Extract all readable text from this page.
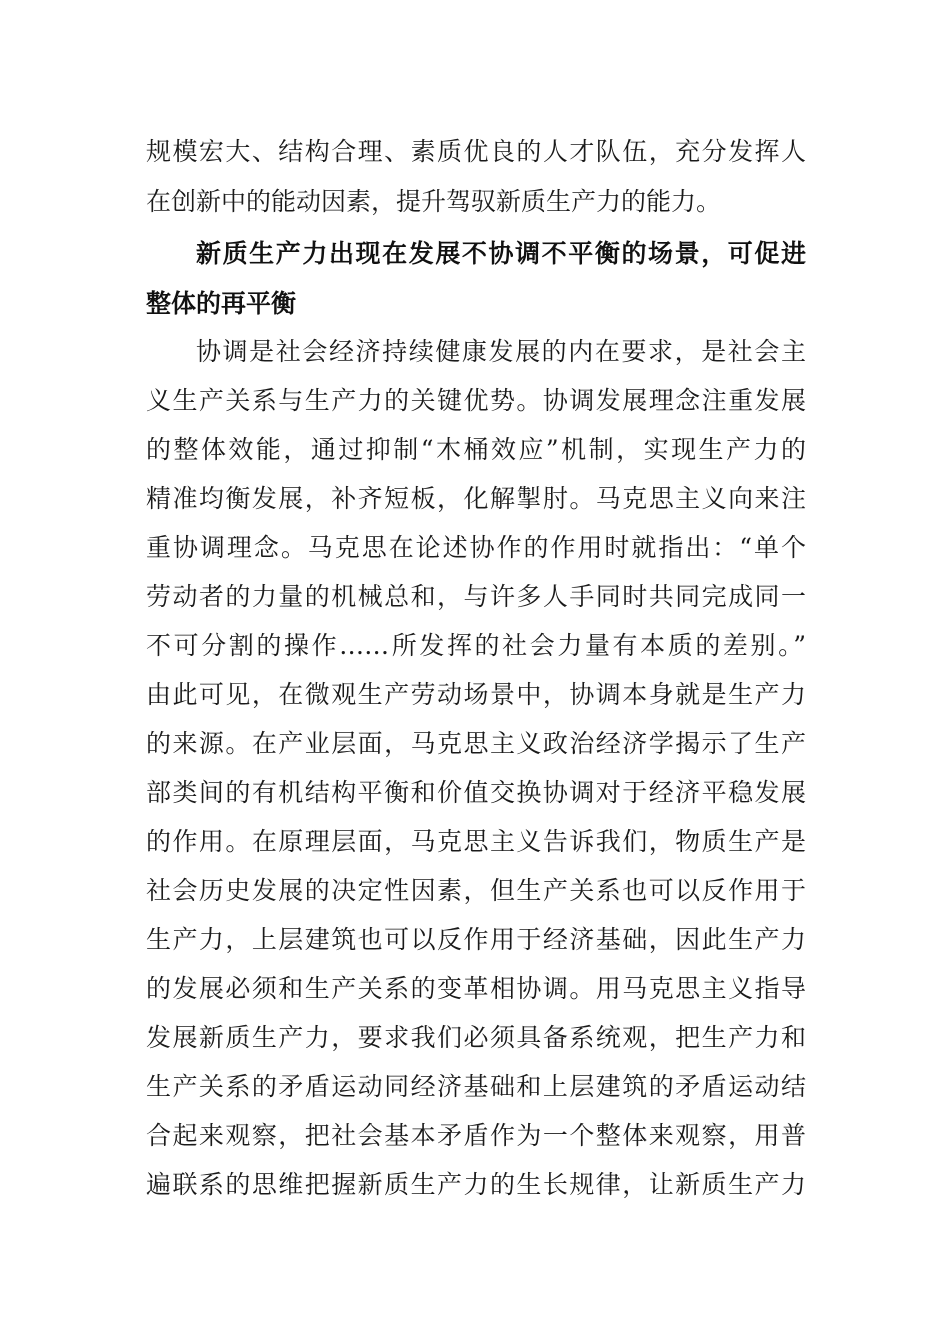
规模宏大、结构合理、素质优良的人才队伍，充分发挥人
在创新中的能动因素，提升驾驭新质生产力的能力。
新质生产力出现在发展不协调不平衡的场景，可促进
整体的再平衡
协调是社会经济持续健康发展的内在要求，是社会主
义生产关系与生产力的关键优势。协调发展理念注重发展
的整体效能，通过抑制“木桶效应”机制，实现生产力的
精准均衡发展，补齐短板，化解掣肘。马克思主义向来注
重协调理念。马克思在论述协作的作用时就指出：“单个
劳动者的力量的机械总和，与许多人手同时共同完成同一
不可分割的操作……所发挥的社会力量有本质的差别。”
由此可见，在微观生产劳动场景中，协调本身就是生产力
的来源。在产业层面，马克思主义政治经济学揭示了生产
部类间的有机结构平衡和价值交换协调对于经济平稳发展
的作用。在原理层面，马克思主义告诉我们，物质生产是
社会历史发展的决定性因素，但生产关系也可以反作用于
生产力，上层建筑也可以反作用于经济基础，因此生产力
的发展必须和生产关系的变革相协调。用马克思主义指导
发展新质生产力，要求我们必须具备系统观，把生产力和
生产关系的矛盾运动同经济基础和上层建筑的矛盾运动结
合起来观察，把社会基本矛盾作为一个整体来观察，用普
遍联系的思维把握新质生产力的生长规律，让新质生产力
